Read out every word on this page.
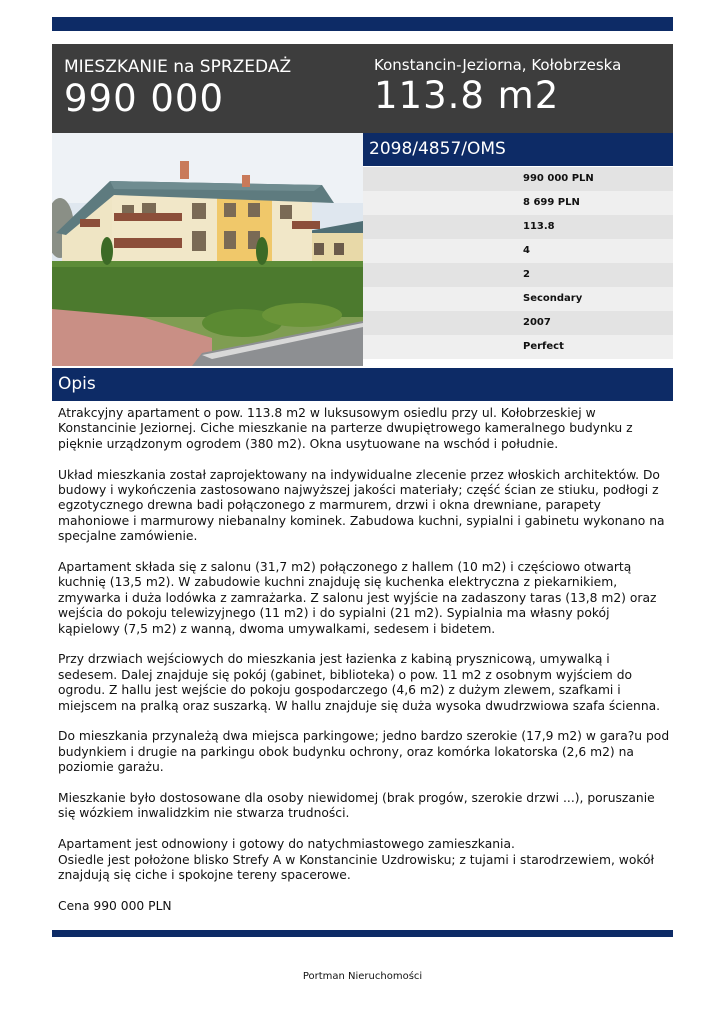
MIESZKANIE na SPRZEDAŻ
990 000
Konstancin-Jeziorna, Kołobrzeska
113.8 m2
2098/4857/OMS
990 000 PLN
8 699 PLN
113.8
4
2
Secondary
2007
Perfect
Opis

Atrakcyjny apartament o pow. 113.8 m2 w luksusowym osiedlu przy ul. Kołobrzeskiej w Konstancinie Jeziornej. Ciche mieszkanie na parterze dwupiętrowego kameralnego budynku z pięknie urządzonym ogrodem (380 m2). Okna usytuowane na wschód i południe.

Układ mieszkania został zaprojektowany na indywidualne zlecenie przez włoskich architektów. Do budowy i wykończenia zastosowano najwyższej jakości materiały; część ścian ze stiuku, podłogi z egzotycznego drewna badi połączonego z marmurem, drzwi i okna drewniane, parapety mahoniowe i marmurowy niebanalny kominek. Zabudowa kuchni, sypialni i gabinetu wykonano na specjalne zamówienie.

Apartament składa się z salonu (31,7 m2) połączonego z hallem (10 m2) i częściowo otwartą kuchnię (13,5 m2). W zabudowie kuchni znajduję się kuchenka elektryczna z piekarnikiem, zmywarka i duża lodówka z zamrażarka. Z salonu jest wyjście na zadaszony taras (13,8 m2) oraz wejścia do pokoju telewizyjnego (11 m2) i do sypialni (21 m2). Sypialnia ma własny pokój kąpielowy (7,5 m2) z wanną, dwoma umywalkami, sedesem i bidetem.

Przy drzwiach wejściowych do mieszkania jest łazienka z kabiną prysznicową, umywalką i sedesem. Dalej znajduje się pokój (gabinet, biblioteka) o pow. 11 m2 z osobnym wyjściem do ogrodu. Z hallu jest wejście do pokoju gospodarczego (4,6 m2) z dużym zlewem, szafkami i miejscem na pralką oraz suszarką. W hallu znajduje się duża wysoka dwudrzwiowa szafa ścienna.

Do mieszkania przynależą dwa miejsca parkingowe; jedno bardzo szerokie (17,9 m2) w gara?u pod budynkiem i drugie na parkingu obok budynku ochrony, oraz komórka lokatorska (2,6 m2) na poziomie garażu.

Mieszkanie było dostosowane dla osoby niewidomej (brak progów, szerokie drzwi ...), poruszanie się wózkiem inwalidzkim nie stwarza trudności.

Apartament jest odnowiony i gotowy do natychmiastowego zamieszkania.
Osiedle jest położone blisko Strefy A w Konstancinie Uzdrowisku; z tujami i starodrzewiem, wokół znajdują się ciche i spokojne tereny spacerowe.

Cena 990 000 PLN

Portman Nieruchomości
